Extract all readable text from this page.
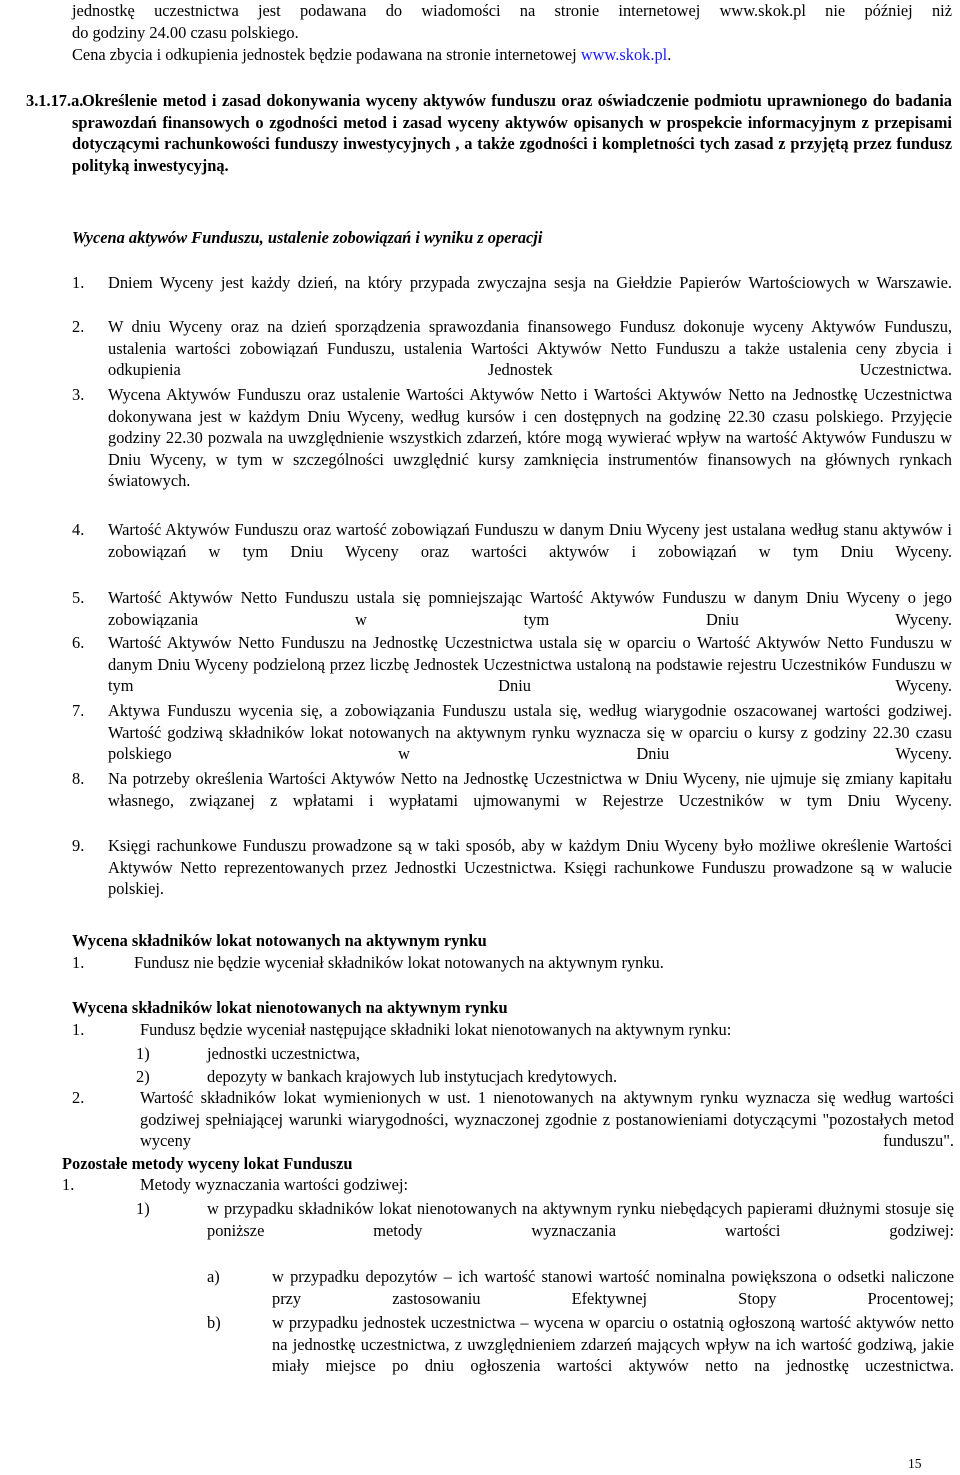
jednostkę uczestnictwa jest podawana do wiadomości na stronie internetowej www.skok.pl nie później niż
do godziny 24.00 czasu polskiego.
Cena zbycia i odkupienia jednostek będzie podawana na stronie internetowej www.skok.pl.
3.1.17.a.
Określenie metod i zasad dokonywania wyceny aktywów funduszu oraz oświadczenie podmiotu uprawnionego do badania sprawozdań finansowych o zgodności metod i zasad wyceny aktywów opisanych w prospekcie informacyjnym z przepisami dotyczącymi rachunkowości funduszy inwestycyjnych , a także zgodności i kompletności tych zasad z przyjętą przez fundusz polityką inwestycyjną.
Wycena aktywów Funduszu, ustalenie zobowiązań i wyniku z operacji
1. Dniem Wyceny jest każdy dzień, na który przypada zwyczajna sesja na Giełdzie Papierów Wartościowych w Warszawie.
2. W dniu Wyceny oraz na dzień sporządzenia sprawozdania finansowego Fundusz dokonuje wyceny Aktywów Funduszu, ustalenia wartości zobowiązań Funduszu, ustalenia Wartości Aktywów Netto Funduszu a także ustalenia ceny zbycia i odkupienia Jednostek Uczestnictwa.
3. Wycena Aktywów Funduszu oraz ustalenie Wartości Aktywów Netto i Wartości Aktywów Netto na Jednostkę Uczestnictwa dokonywana jest w każdym Dniu Wyceny, według kursów i cen dostępnych na godzinę 22.30 czasu polskiego. Przyjęcie godziny 22.30 pozwala na uwzględnienie wszystkich zdarzeń, które mogą wywierać wpływ na wartość Aktywów Funduszu w Dniu Wyceny, w tym w szczególności uwzględnić kursy zamknięcia instrumentów finansowych na głównych rynkach światowych.
4. Wartość Aktywów Funduszu oraz wartość zobowiązań Funduszu w danym Dniu Wyceny jest ustalana według stanu aktywów i zobowiązań w tym Dniu Wyceny oraz wartości aktywów i zobowiązań w tym Dniu Wyceny.
5. Wartość Aktywów Netto Funduszu ustala się pomniejszając Wartość Aktywów Funduszu w danym Dniu Wyceny o jego zobowiązania w tym Dniu Wyceny.
6. Wartość Aktywów Netto Funduszu na Jednostkę Uczestnictwa ustala się w oparciu o Wartość Aktywów Netto Funduszu w danym Dniu Wyceny podzieloną przez liczbę Jednostek Uczestnictwa ustaloną na podstawie rejestru Uczestników Funduszu w tym Dniu Wyceny.
7. Aktywa Funduszu wycenia się, a zobowiązania Funduszu ustala się, według wiarygodnie oszacowanej wartości godziwej. Wartość godziwą składników lokat notowanych na aktywnym rynku wyznacza się w oparciu o kursy z godziny 22.30 czasu polskiego w Dniu Wyceny.
8. Na potrzeby określenia Wartości Aktywów Netto na Jednostkę Uczestnictwa w Dniu Wyceny, nie ujmuje się zmiany kapitału własnego, związanej z wpłatami i wypłatami ujmowanymi w Rejestrze Uczestników w tym Dniu Wyceny.
9. Księgi rachunkowe Funduszu prowadzone są w taki sposób, aby w każdym Dniu Wyceny było możliwe określenie Wartości Aktywów Netto reprezentowanych przez Jednostki Uczestnictwa. Księgi rachunkowe Funduszu prowadzone są w walucie polskiej.
Wycena składników lokat notowanych na aktywnym rynku
1.	Fundusz nie będzie wyceniał składników lokat notowanych na aktywnym rynku.
Wycena składników lokat nienotowanych na aktywnym rynku
1.	Fundusz będzie wyceniał następujące składniki lokat nienotowanych na aktywnym rynku:
1)	jednostki uczestnictwa,
2)	depozyty w bankach krajowych lub instytucjach kredytowych.
2.	Wartość składników lokat wymienionych w ust. 1 nienotowanych na aktywnym rynku wyznacza się według wartości godziwej spełniającej warunki wiarygodności, wyznaczonej zgodnie z postanowieniami dotyczącymi "pozostałych metod wyceny funduszu".
Pozostałe metody wyceny lokat Funduszu
1.	Metody wyznaczania wartości godziwej:
1)	w przypadku składników lokat nienotowanych na aktywnym rynku niebędących papierami dłużnymi stosuje się poniższe metody wyznaczania wartości godziwej:
a)	w przypadku depozytów – ich wartość stanowi wartość nominalna powiększona o odsetki naliczone przy zastosowaniu Efektywnej Stopy Procentowej;
b)	w przypadku jednostek uczestnictwa – wycena w oparciu o ostatnią ogłoszoną wartość aktywów netto na jednostkę uczestnictwa, z uwzględnieniem zdarzeń mających wpływ na ich wartość godziwą, jakie miały miejsce po dniu ogłoszenia wartości aktywów netto na jednostkę uczestnictwa.
15
